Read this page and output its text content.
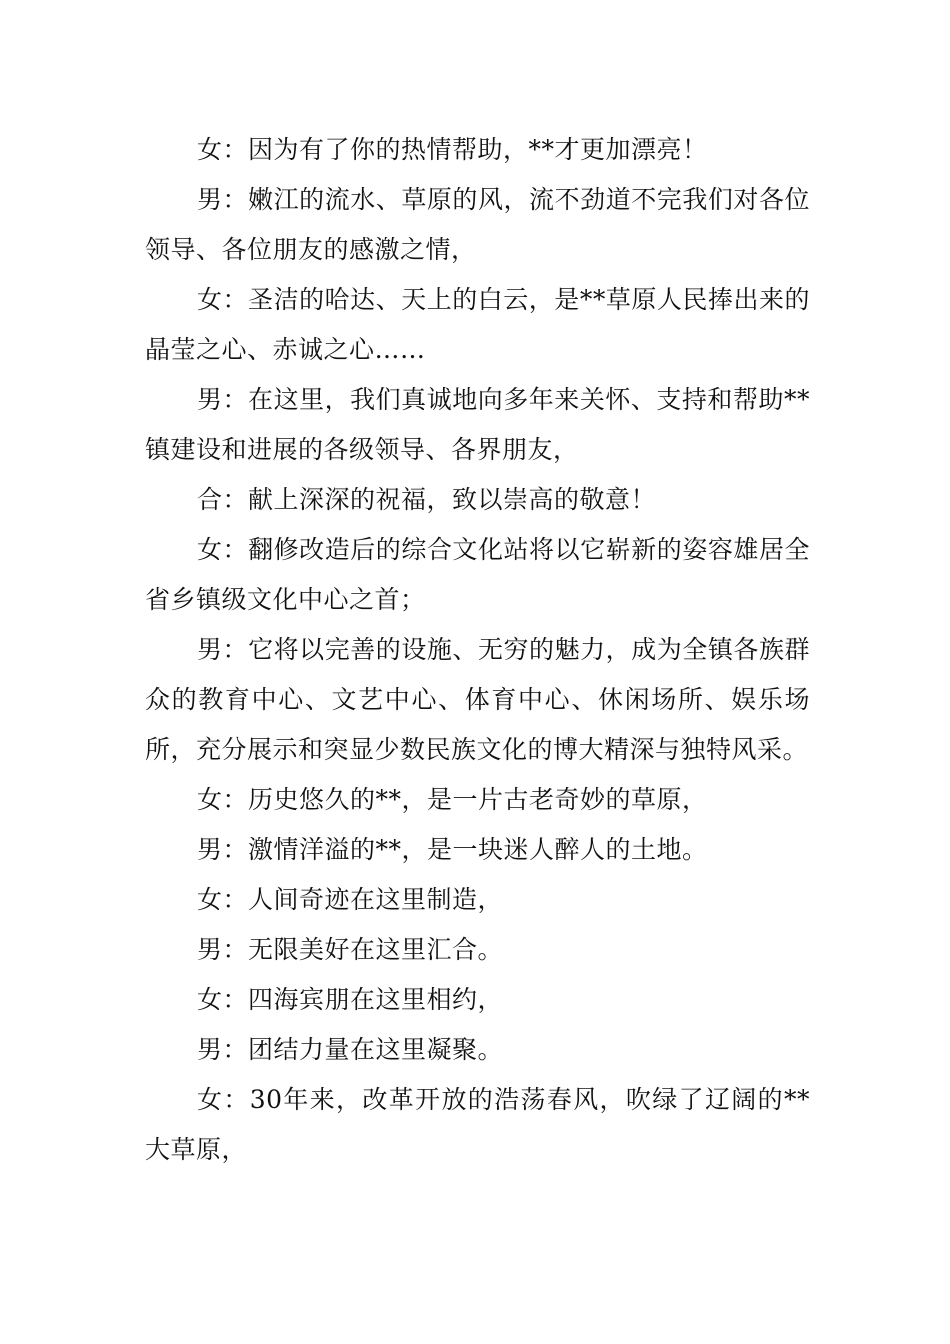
女：因为有了你的热情帮助，**才更加漂亮！

男：嫩江的流水、草原的风，流不劲道不完我们对各位领导、各位朋友的感激之情，

女：圣洁的哈达、天上的白云，是**草原人民捧出来的晶莹之心、赤诚之心……

男：在这里，我们真诚地向多年来关怀、支持和帮助**镇建设和进展的各级领导、各界朋友，

合：献上深深的祝福，致以崇高的敬意！

女：翻修改造后的综合文化站将以它崭新的姿容雄居全省乡镇级文化中心之首；

男：它将以完善的设施、无穷的魅力，成为全镇各族群众的教育中心、文艺中心、体育中心、休闲场所、娱乐场所，充分展示和突显少数民族文化的博大精深与独特风采。

女：历史悠久的**，是一片古老奇妙的草原，

男：激情洋溢的**，是一块迷人醉人的土地。

女：人间奇迹在这里制造，

男：无限美好在这里汇合。

女：四海宾朋在这里相约，

男：团结力量在这里凝聚。

女：30年来，改革开放的浩荡春风，吹绿了辽阔的**大草原，
